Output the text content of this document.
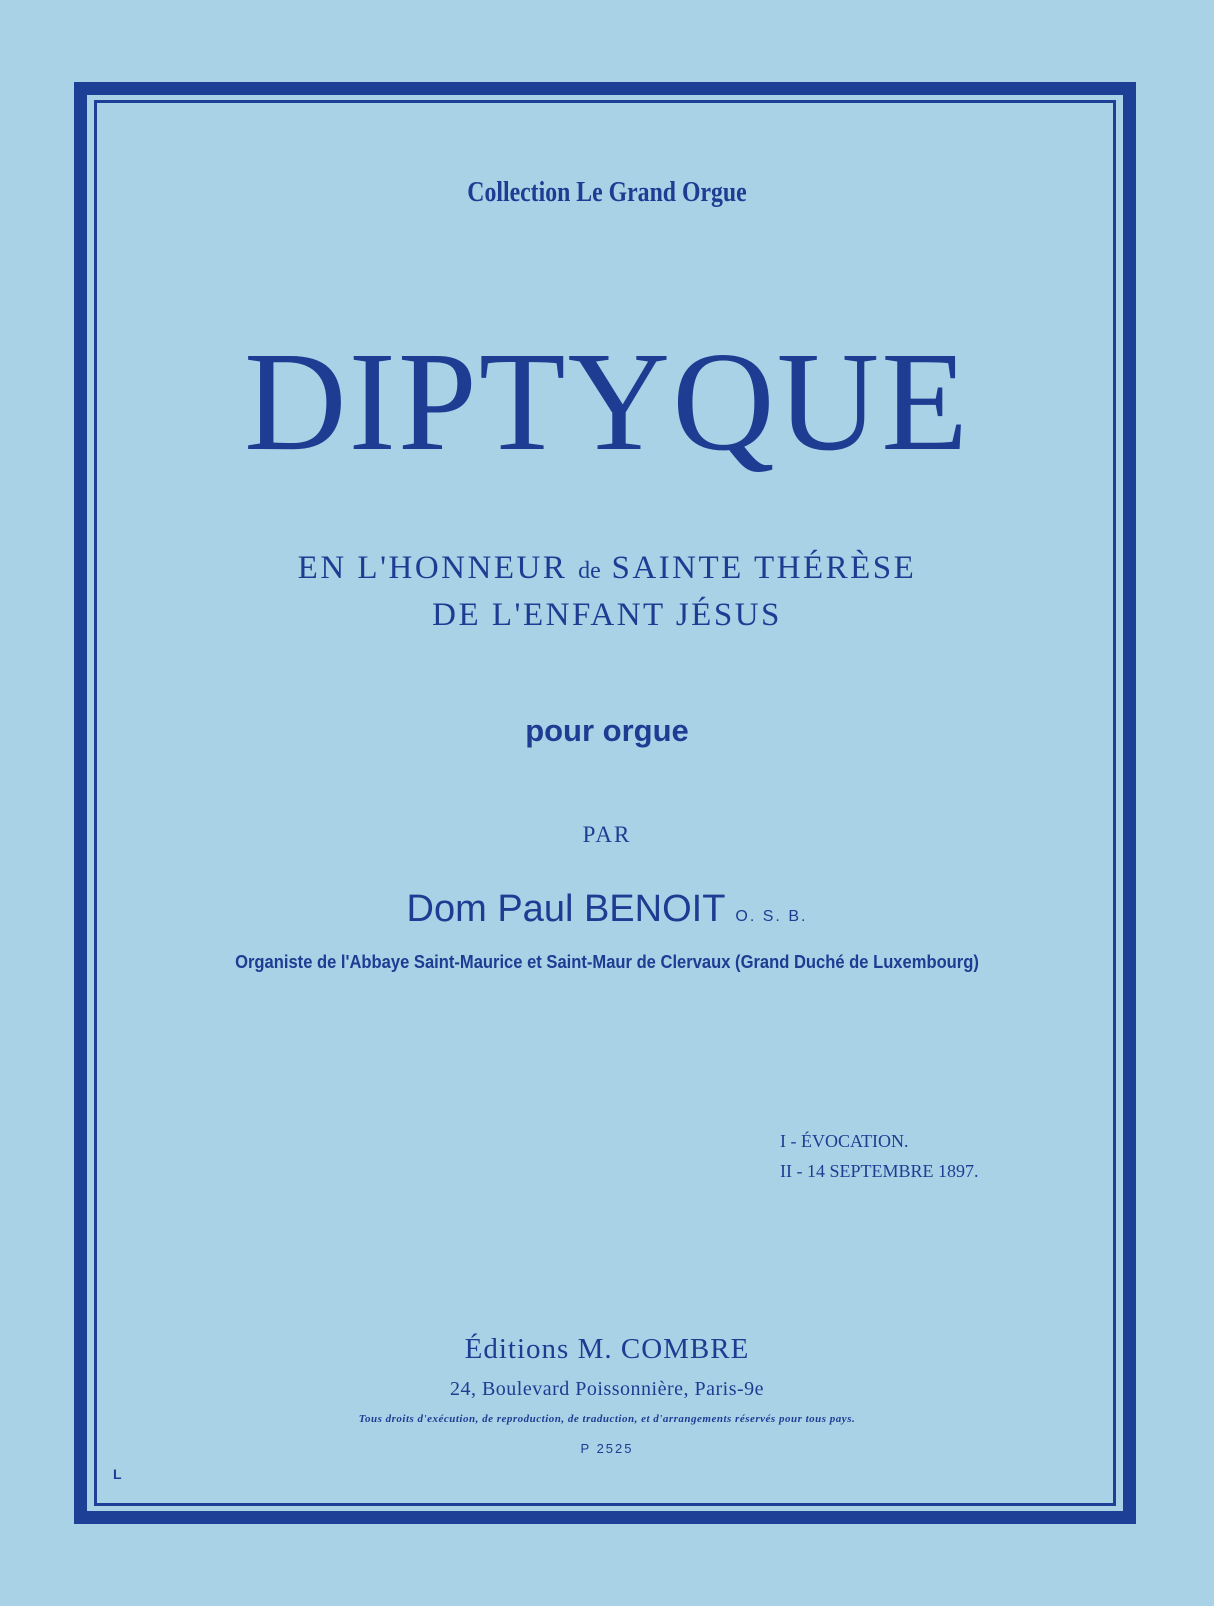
Collection Le Grand Orgue
DIPTYQUE
EN L'HONNEUR de SAINTE THÉRÈSE
DE L'ENFANT JÉSUS
pour orgue
PAR
Dom Paul BENOIT O. S. B.
Organiste de l'Abbaye Saint-Maurice et Saint-Maur de Clervaux (Grand Duché de Luxembourg)
I - ÉVOCATION.
II - 14 SEPTEMBRE 1897.
Éditions M. COMBRE
24, Boulevard Poissonnière, Paris-9e
Tous droits d'exécution, de reproduction, de traduction, et d'arrangements réservés pour tous pays.
P 2525
L
